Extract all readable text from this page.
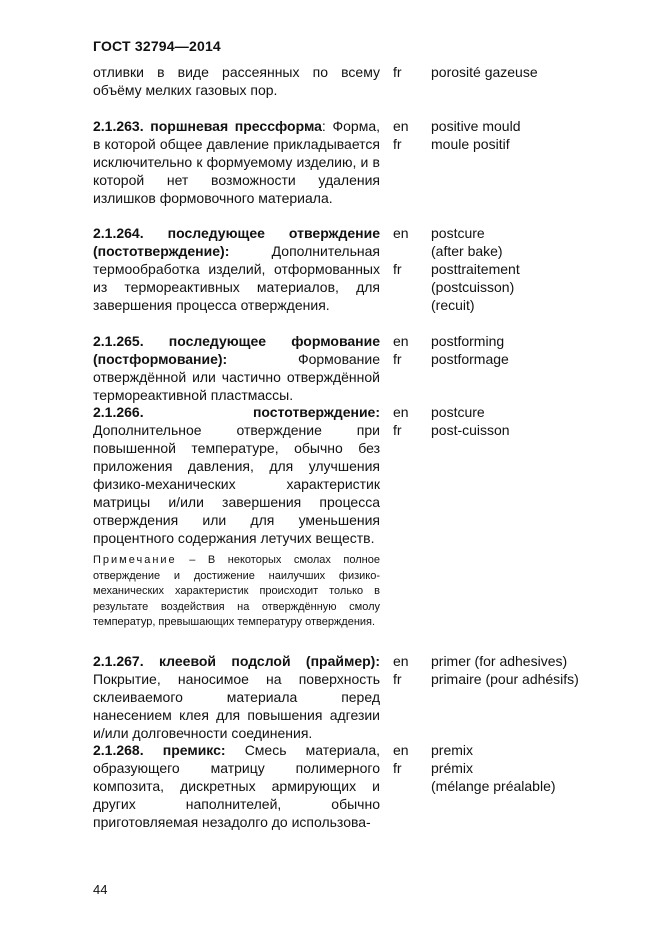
ГОСТ 32794—2014
отливки в виде рассеянных по всему объёму мелких газовых пор.
fr	porosité gazeuse
2.1.263. поршневая прессформа: Форма, в которой общее давление прикладывается исключительно к формуемому изделию, и в которой нет возможности удаления излишков формовочного материала.
en
fr
positive mould
moule positif
2.1.264. последующее отверждение (постотверждение): Дополнительная термообработка изделий, отформованных из термореактивных материалов, для завершения процесса отверждения.
en

fr
postcure
(after bake)
posttraitement
(postcuisson)
(recuit)
2.1.265. последующее формование (постформование): Формование отверждённой или частично отверждённой термореактивной пластмассы.
en
fr
postforming
postformage
2.1.266.	постотверждение: Дополнительное отверждение при повышенной температуре, обычно без приложения давления, для улучшения физико-механических характеристик матрицы и/или завершения процесса отверждения или для уменьшения процентного содержания летучих веществ.
en
fr
postcure
post-cuisson
Примечание – В некоторых смолах полное отверждение и достижение наилучших физико-механических характеристик происходит только в результате воздействия на отверждённую смолу температур, превышающих температуру отверждения.
2.1.267. клеевой подслой (праймер): Покрытие, наносимое на поверхность склеиваемого материала перед нанесением клея для повышения адгезии и/или долговечности соединения.
en
fr
primer (for adhesives)
primaire (pour adhésifs)
2.1.268. премикс: Смесь материала, образующего матрицу полимерного композита, дискретных армирующих и других наполнителей, обычно приготовляемая незадолго до использова-
en
fr
premix
prémix
(mélange préalable)
44
